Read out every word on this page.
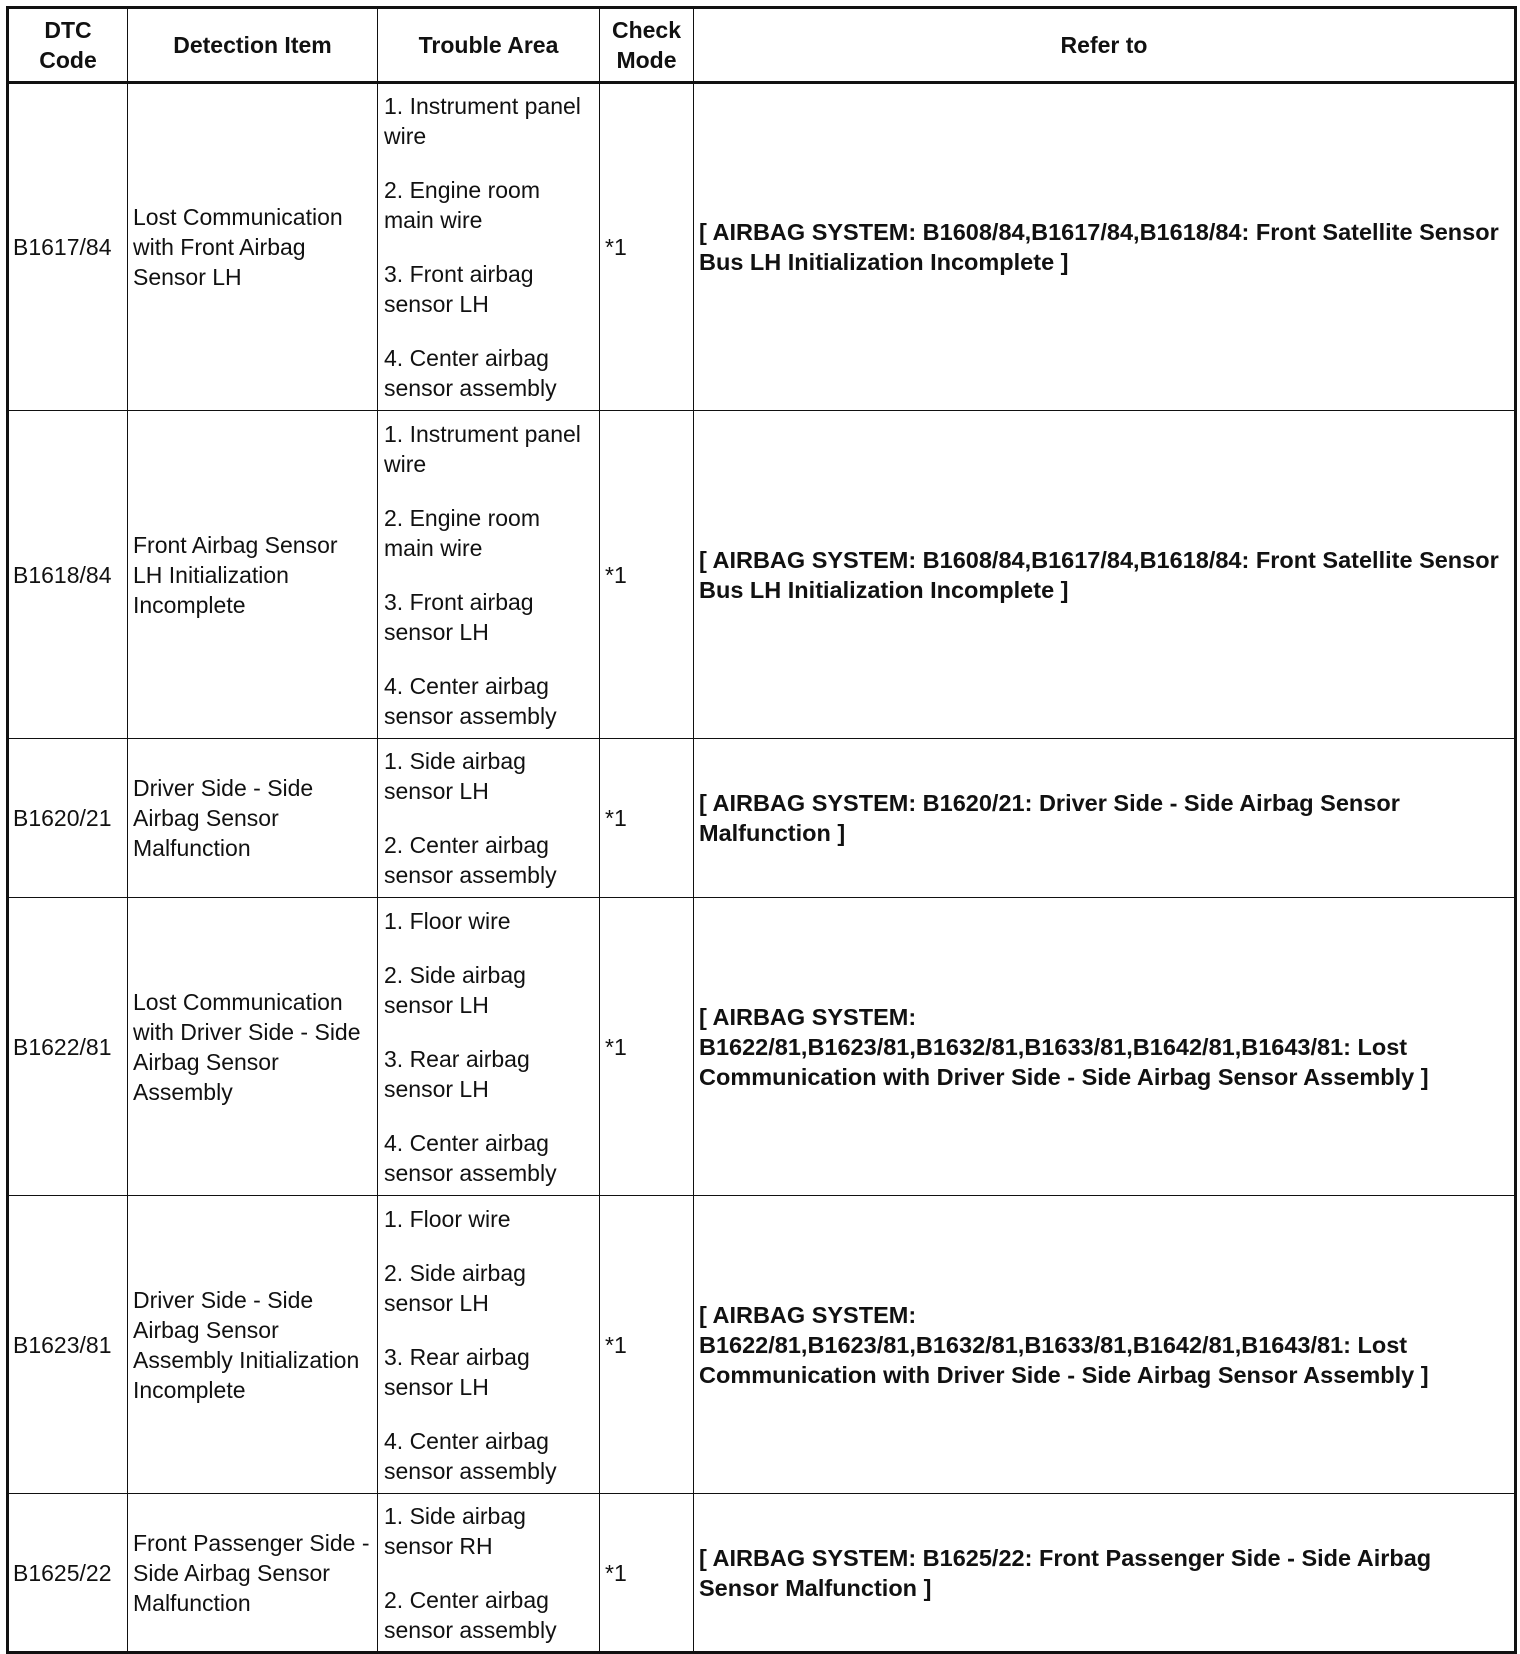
DTC Code	Detection Item	Trouble Area	Check Mode	Refer to
B1617/84	Lost Communication with Front Airbag Sensor LH	1. Instrument panel wire
2. Engine room main wire
3. Front airbag sensor LH
4. Center airbag sensor assembly	*1	[ AIRBAG SYSTEM: B1608/84,B1617/84,B1618/84: Front Satellite Sensor Bus LH Initialization Incomplete ]
B1618/84	Front Airbag Sensor LH Initialization Incomplete	1. Instrument panel wire
2. Engine room main wire
3. Front airbag sensor LH
4. Center airbag sensor assembly	*1	[ AIRBAG SYSTEM: B1608/84,B1617/84,B1618/84: Front Satellite Sensor Bus LH Initialization Incomplete ]
B1620/21	Driver Side - Side Airbag Sensor Malfunction	1. Side airbag sensor LH
2. Center airbag sensor assembly	*1	[ AIRBAG SYSTEM: B1620/21: Driver Side - Side Airbag Sensor Malfunction ]
B1622/81	Lost Communication with Driver Side - Side Airbag Sensor Assembly	1. Floor wire
2. Side airbag sensor LH
3. Rear airbag sensor LH
4. Center airbag sensor assembly	*1	[ AIRBAG SYSTEM: B1622/81,B1623/81,B1632/81,B1633/81,B1642/81,B1643/81: Lost Communication with Driver Side - Side Airbag Sensor Assembly ]
B1623/81	Driver Side - Side Airbag Sensor Assembly Initialization Incomplete	1. Floor wire
2. Side airbag sensor LH
3. Rear airbag sensor LH
4. Center airbag sensor assembly	*1	[ AIRBAG SYSTEM: B1622/81,B1623/81,B1632/81,B1633/81,B1642/81,B1643/81: Lost Communication with Driver Side - Side Airbag Sensor Assembly ]
B1625/22	Front Passenger Side - Side Airbag Sensor Malfunction	1. Side airbag sensor RH
2. Center airbag sensor assembly	*1	[ AIRBAG SYSTEM: B1625/22: Front Passenger Side - Side Airbag Sensor Malfunction ]
